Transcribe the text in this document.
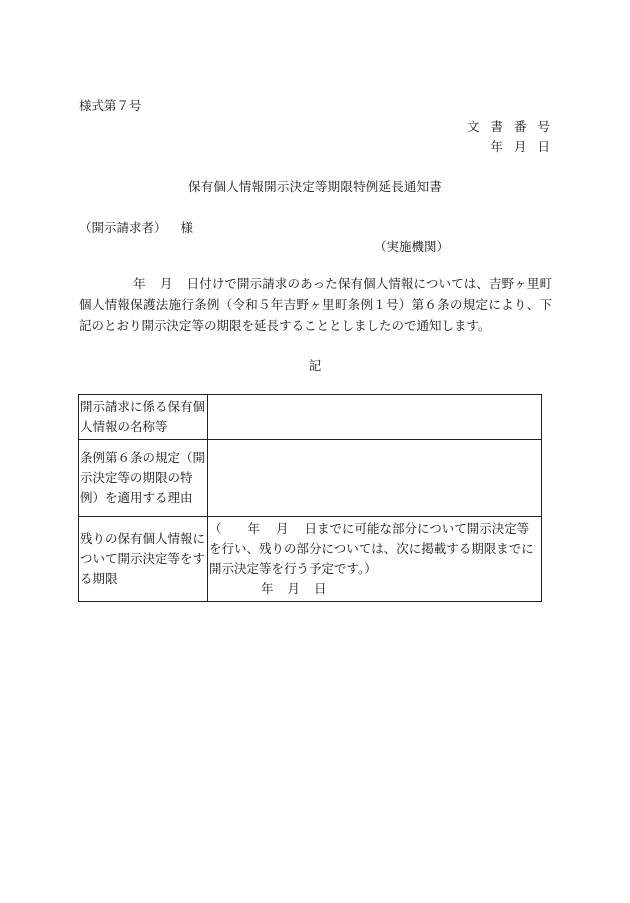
様式第７号
文 書 番 号
年 月 日
保有個人情報開示決定等期限特例延長通知書
（開示請求者） 様
（実施機関）
年 月 日付けで開示請求のあった保有個人情報については、吉野ヶ里町個人情報保護法施行条例（令和５年吉野ヶ里町条例１号）第６条の規定により、下記のとおり開示決定等の期限を延長することとしましたので通知します。
記
開示請求に係る保有個人情報の名称等	
条例第６条の規定（開示決定等の期限の特例）を適用する理由	
残りの保有個人情報について開示決定等をする期限	（ 年 月 日までに可能な部分について開示決定等を行い、残りの部分については、次に掲載する期限までに開示決定等を行う予定です。）
年 月 日
